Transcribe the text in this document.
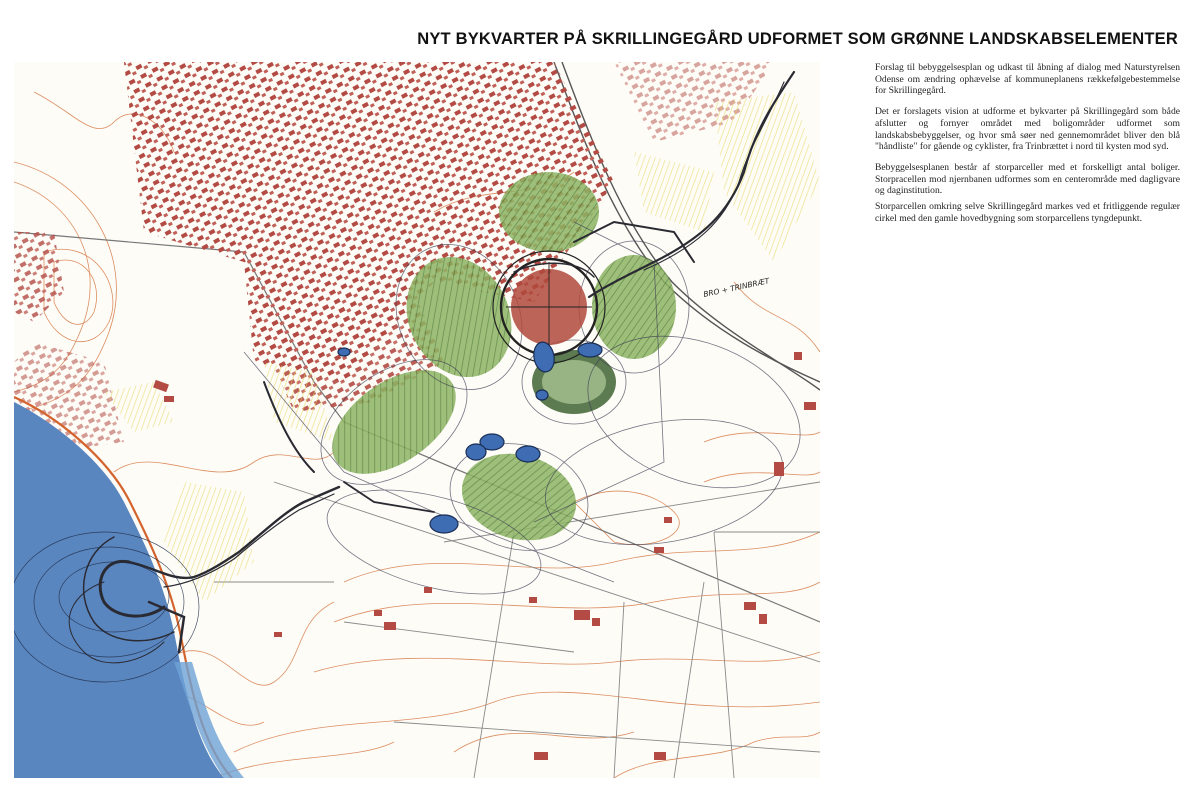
NYT BYKVARTER PÅ SKRILLINGEGÅRD UDFORMET SOM GRØNNE LANDSKABSELEMENTER
BRO + TRINBRÆT

Forslag til bebyggelsesplan og udkast til åbning af dialog med Naturstyrelsen Odense om ændring ophævelse af kommuneplanens rækkefølgebestemmelse for Skrillingegård.

Det er forslagets vision at udforme et bykvarter på Skrillingegård som både afslutter og fornyer området med boligområder udformet som landskabsbebyggelser, og hvor små søer ned gennemområdet bliver den blå "håndliste" for gående og cyklister, fra Trinbrættet i nord til kysten mod syd.

Bebyggelsesplanen består af storparceller med et forskelligt antal boliger. Storpracellen mod njernbanen udformes som en centerområde med dagligvare og daginstitution.

Storparcellen omkring selve Skrillingegård markes ved et fritliggende regulær cirkel med den gamle hovedbygning som storparcellens tyngdepunkt.
